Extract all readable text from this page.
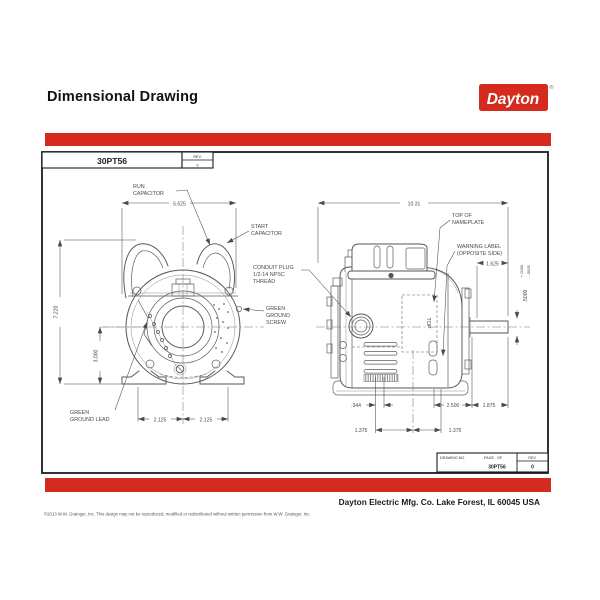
Dimensional Drawing	Dayton
®
30PT56	REV.
0
5.625
7.220
3.000
2.125	2.125
RUN
CAPACITOR
START
CAPACITOR
GREEN
GROUND
SCREW
GREEN
GROUND LEAD
TOP
10.31
1.625
.5000
+.0000 -.0005
.344	2.500	1.875
1.375	1.375
CONDUIT PLUG
1/2-14 NPSC
THREAD
TOP OF
NAMEPLATE
WARNING LABEL
(OPPOSITE SIDE)
DRAWING NO.	PAGE OF
30PT56
REV.
0
Dayton Electric Mfg. Co. Lake Forest, IL 60045 USA
©2013 W.W. Grainger, Inc. This design may not be reproduced, modified or redistributed without written permission from W.W. Grainger, Inc.
